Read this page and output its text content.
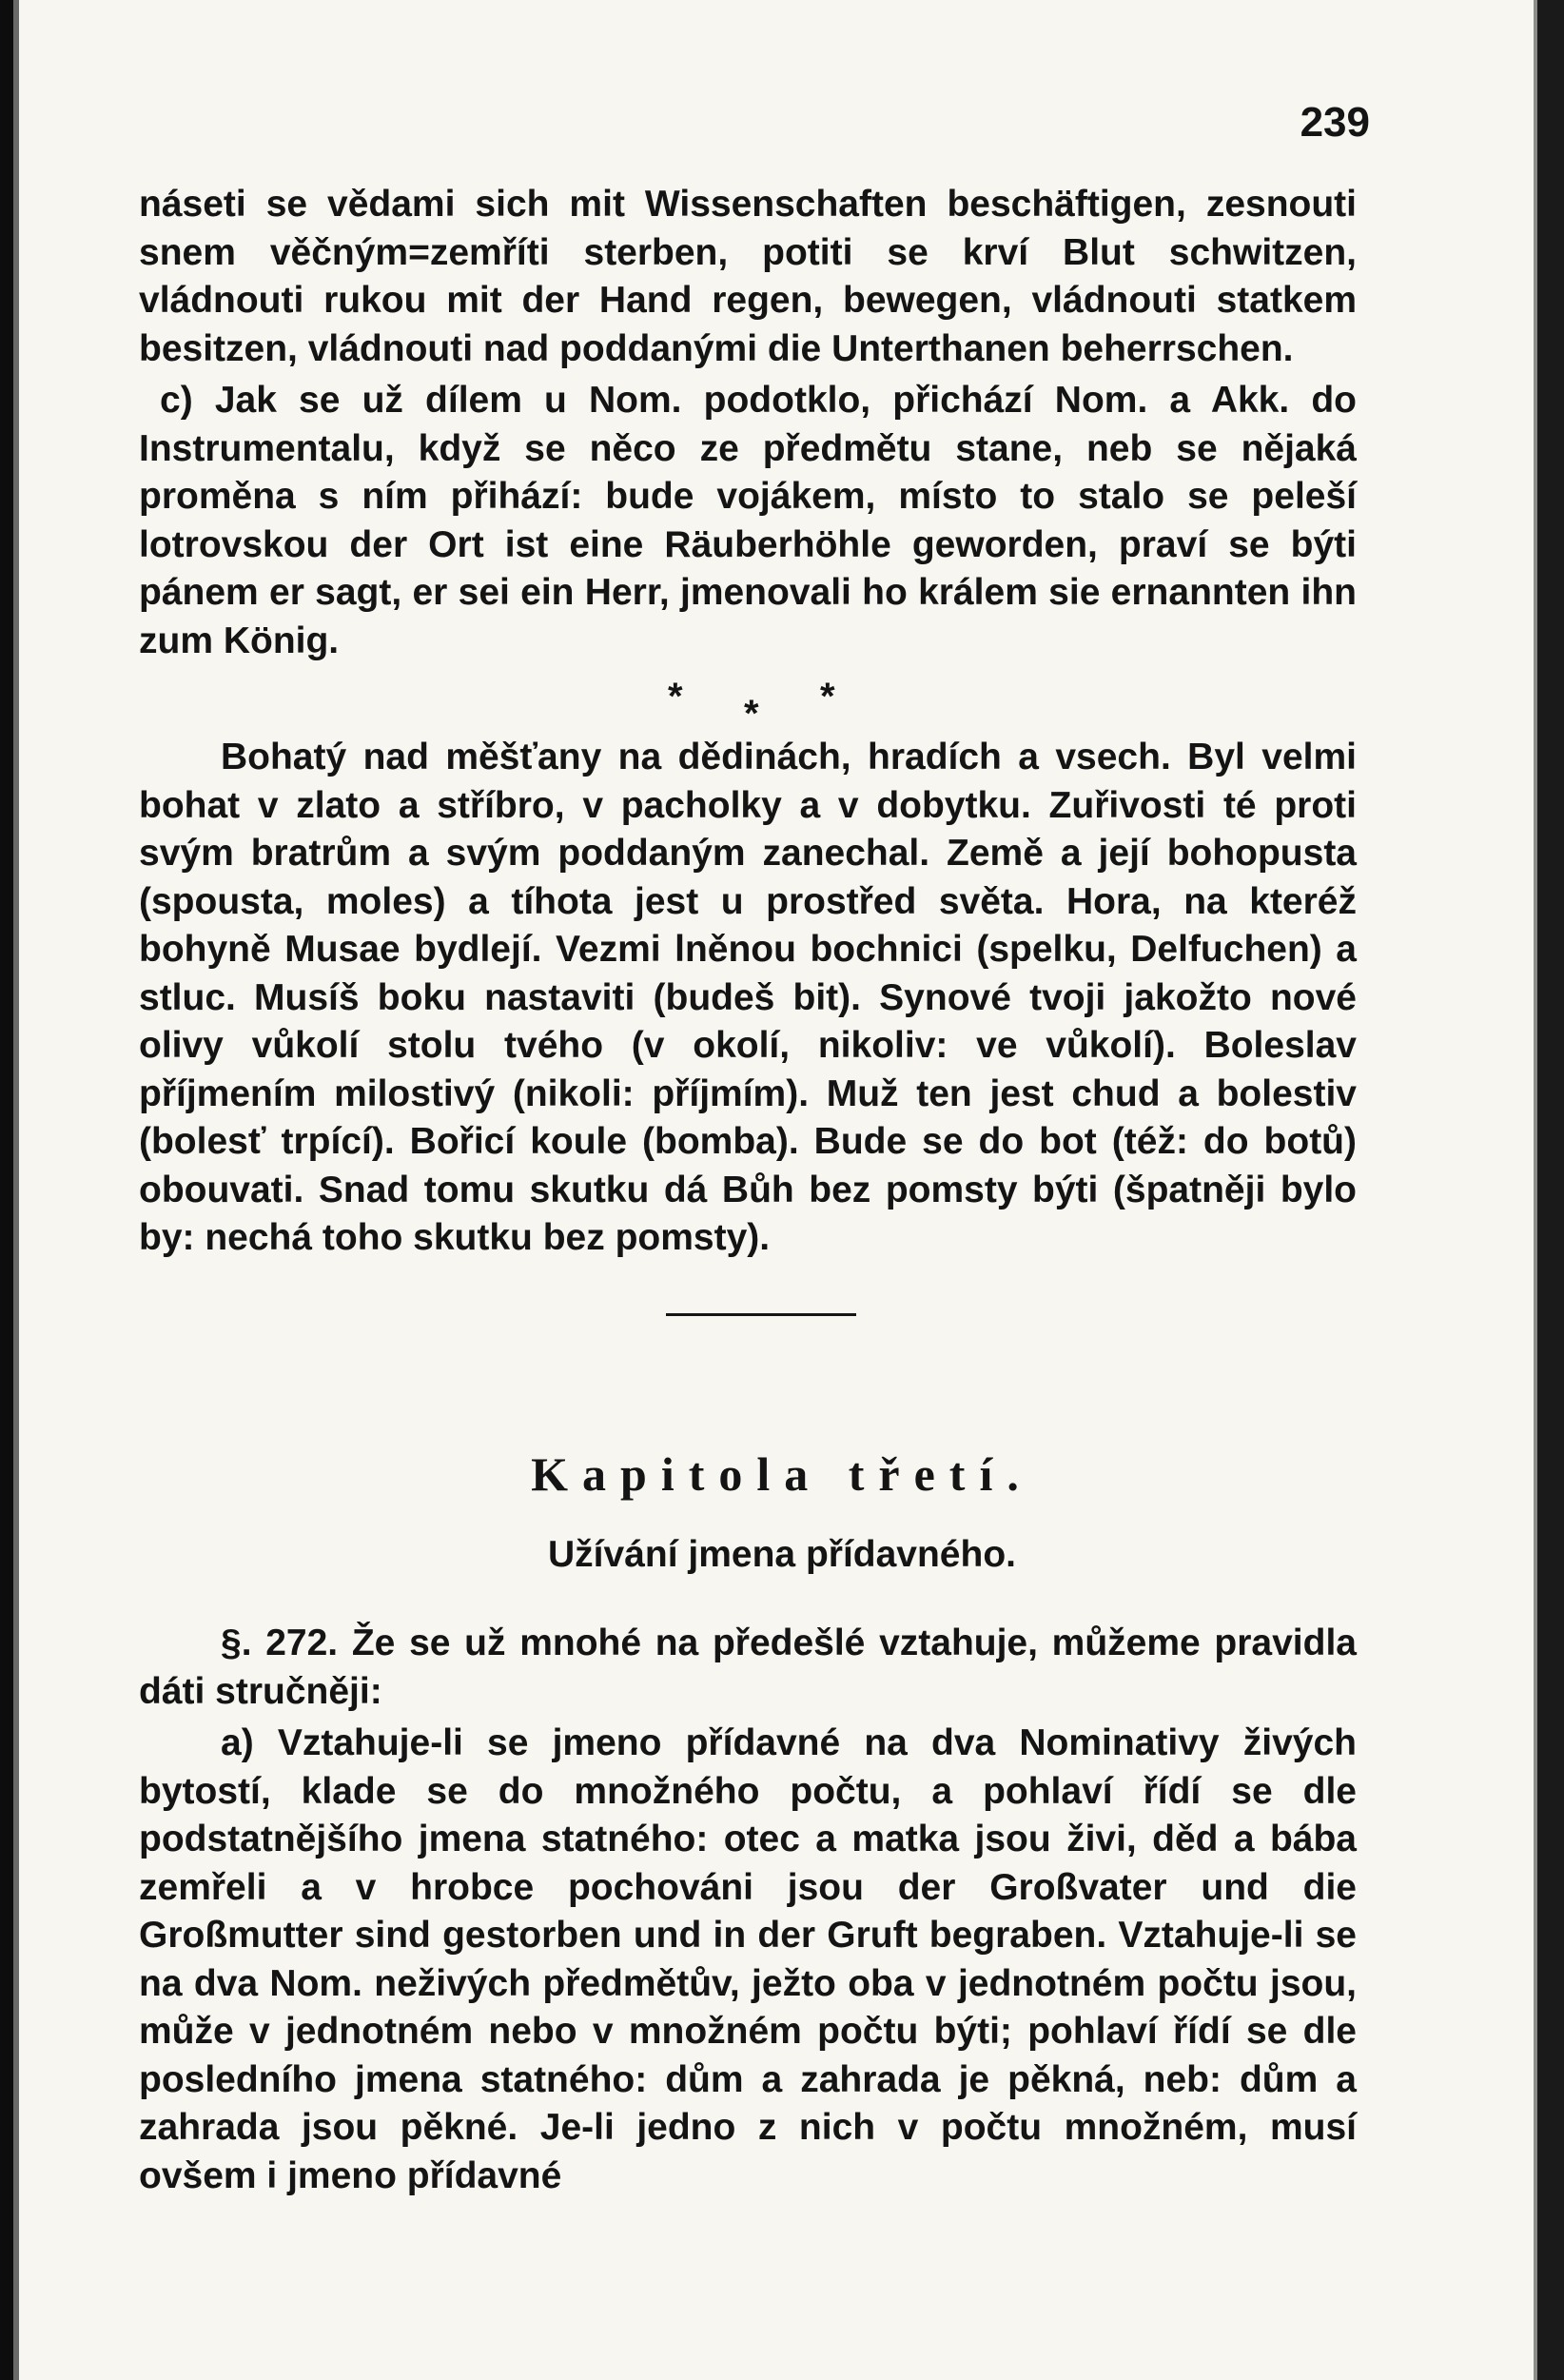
239

náseti se vědami sich mit Wissenschaften beschäftigen, zesnouti snem věčným=zemříti sterben, potiti se krví Blut schwitzen, vládnouti rukou mit der Hand regen, bewegen, vládnouti statkem besitzen, vládnouti nad poddanými die Unterthanen beherrschen.

c) Jak se už dílem u Nom. podotklo, přichází Nom. a Akk. do Instrumentalu, když se něco ze předmětu stane, neb se nějaká proměna s ním přihází: bude vojákem, místo to stalo se peleší lotrovskou der Ort ist eine Räuberhöhle geworden, praví se býti pánem er sagt, er sei ein Herr, jmenovali ho králem sie ernannten ihn zum König.

* * *

Bohatý nad měšťany na dědinách, hradích a vsech. Byl velmi bohat v zlato a stříbro, v pacholky a v dobytku. Zuřivosti té proti svým bratrům a svým poddaným zanechal. Země a její bohopusta (spousta, moles) a tíhota jest u prostřed světa. Hora, na kteréž bohyně Musae bydlejí. Vezmi lněnou bochnici (spelku, Delfuchen) a stluc. Musíš boku nastaviti (budeš bit). Synové tvoji jakožto nové olivy vůkolí stolu tvého (v okolí, nikoliv: ve vůkolí). Boleslav příjmením milostivý (nikoli: příjmím). Muž ten jest chud a bolestiv (bolesť trpící). Bořicí koule (bomba). Bude se do bot (též: do botů) obouvati. Snad tomu skutku dá Bůh bez pomsty býti (špatněji bylo by: nechá toho skutku bez pomsty).

Kapitola třetí.
Užívání jmena přídavného.

§. 272. Že se už mnohé na předešlé vztahuje, můžeme pravidla dáti stručněji:

a) Vztahuje-li se jmeno přídavné na dva Nominativy živých bytostí, klade se do množného počtu, a pohlaví řídí se dle podstatnějšího jmena statného: otec a matka jsou živi, děd a bába zemřeli a v hrobce pochováni jsou der Großvater und die Großmutter sind gestorben und in der Gruft begraben. Vztahuje-li se na dva Nom. neživých předmětův, ježto oba v jednotném počtu jsou, může v jednotném nebo v množném počtu býti; pohlaví řídí se dle posledního jmena statného: dům a zahrada je pěkná, neb: dům a zahrada jsou pěkné. Je-li jedno z nich v počtu množném, musí ovšem i jmeno přídavné
